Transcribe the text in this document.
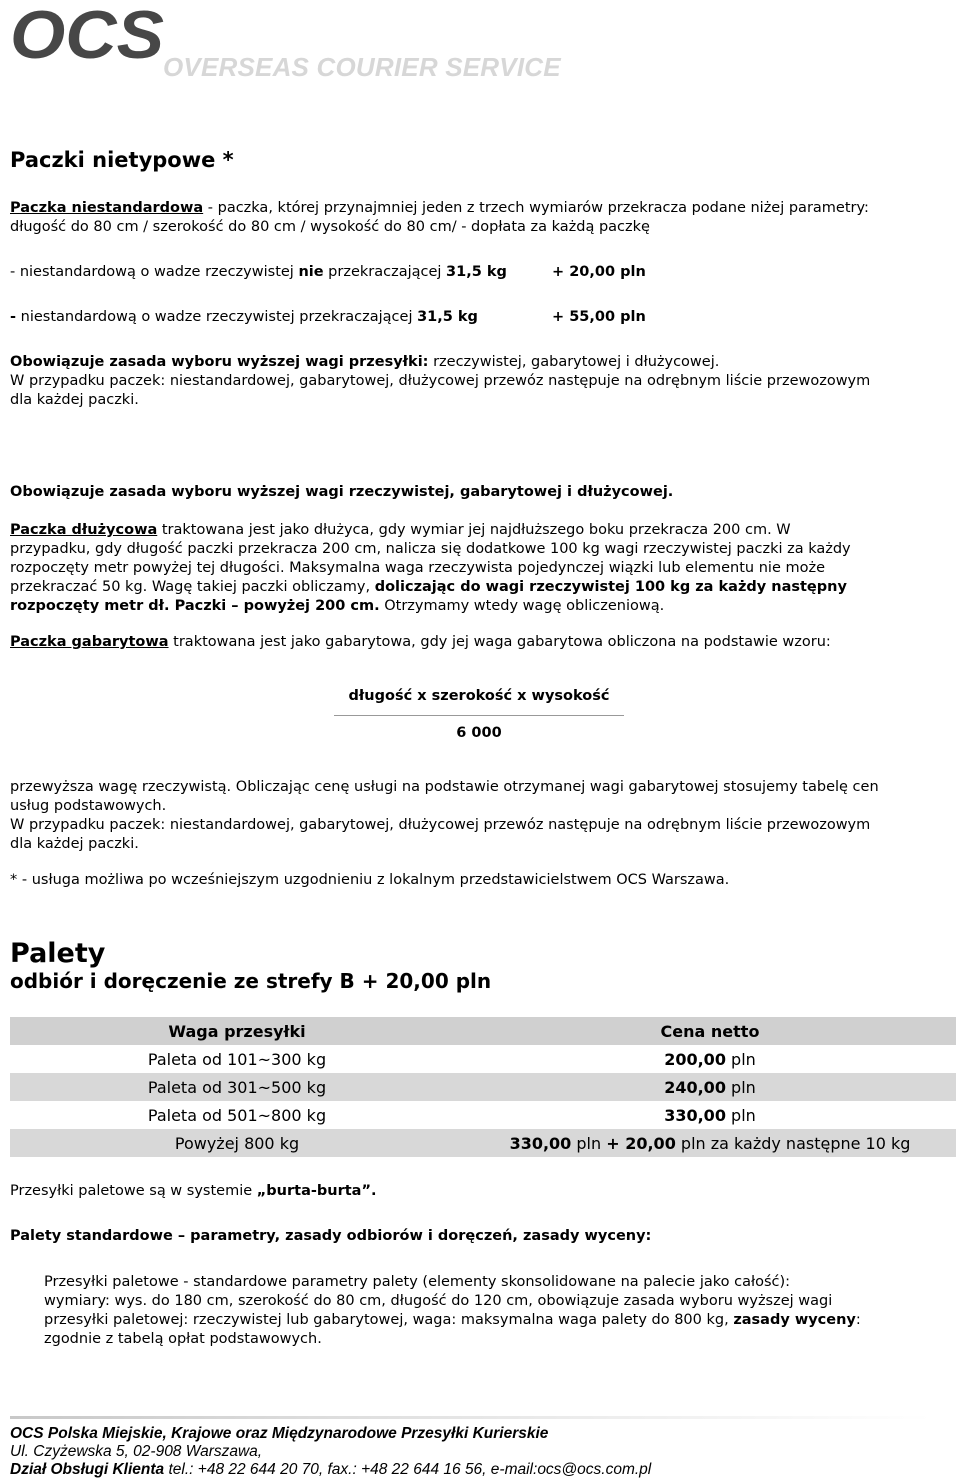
OCS OVERSEAS COURIER SERVICE
Paczki nietypowe *
Paczka niestandardowa - paczka, której przynajmniej jeden z trzech wymiarów przekracza podane niżej parametry:
długość do 80 cm / szerokość do 80 cm / wysokość do 80 cm/ - dopłata za każdą paczkę
- niestandardową o wadze rzeczywistej nie przekraczającej 31,5 kg	+ 20,00 pln
- niestandardową o wadze rzeczywistej przekraczającej 31,5 kg	+ 55,00 pln
Obowiązuje zasada wyboru wyższej wagi przesyłki: rzeczywistej, gabarytowej i dłużycowej.
W przypadku paczek: niestandardowej, gabarytowej, dłużycowej przewóz następuje na odrębnym liście przewozowym
dla każdej paczki.
Obowiązuje zasada wyboru wyższej wagi rzeczywistej, gabarytowej i dłużycowej.
Paczka dłużycowa traktowana jest jako dłużyca, gdy wymiar jej najdłuższego boku przekracza 200 cm. W
przypadku, gdy długość paczki przekracza 200 cm, nalicza się dodatkowe 100 kg wagi rzeczywistej paczki za każdy
rozpoczęty metr powyżej tej długości. Maksymalna waga rzeczywista pojedynczej wiązki lub elementu nie może
przekraczać 50 kg. Wagę takiej paczki obliczamy, doliczając do wagi rzeczywistej 100 kg za każdy następny
rozpoczęty metr dł. Paczki – powyżej 200 cm. Otrzymamy wtedy wagę obliczeniową.
Paczka gabarytowa traktowana jest jako gabarytowa, gdy jej waga gabarytowa obliczona na podstawie wzoru:
długość x szerokość x wysokość
6 000
przewyższa wagę rzeczywistą. Obliczając cenę usługi na podstawie otrzymanej wagi gabarytowej stosujemy tabelę cen
usług podstawowych.
W przypadku paczek: niestandardowej, gabarytowej, dłużycowej przewóz następuje na odrębnym liście przewozowym
dla każdej paczki.
* - usługa możliwa po wcześniejszym uzgodnieniu z lokalnym przedstawicielstwem OCS Warszawa.
Palety
odbiór i doręczenie ze strefy B + 20,00 pln
Waga przesyłki	Cena netto
Paleta od 101~300 kg	200,00 pln
Paleta od 301~500 kg	240,00 pln
Paleta od 501~800 kg	330,00 pln
Powyżej 800 kg	330,00 pln + 20,00 pln za każdy następne 10 kg
Przesyłki paletowe są w systemie „burta-burta”.
Palety standardowe – parametry, zasady odbiorów i doręczeń, zasady wyceny:
Przesyłki paletowe - standardowe parametry palety (elementy skonsolidowane na palecie jako całość):
wymiary: wys. do 180 cm, szerokość do 80 cm, długość do 120 cm, obowiązuje zasada wyboru wyższej wagi
przesyłki paletowej: rzeczywistej lub gabarytowej, waga: maksymalna waga palety do 800 kg, zasady wyceny:
zgodnie z tabelą opłat podstawowych.
OCS Polska Miejskie, Krajowe oraz Międzynarodowe Przesyłki Kurierskie
Ul. Czyżewska 5, 02-908 Warszawa,
Dział Obsługi Klienta tel.: +48 22 644 20 70, fax.: +48 22 644 16 56, e-mail:ocs@ocs.com.pl
